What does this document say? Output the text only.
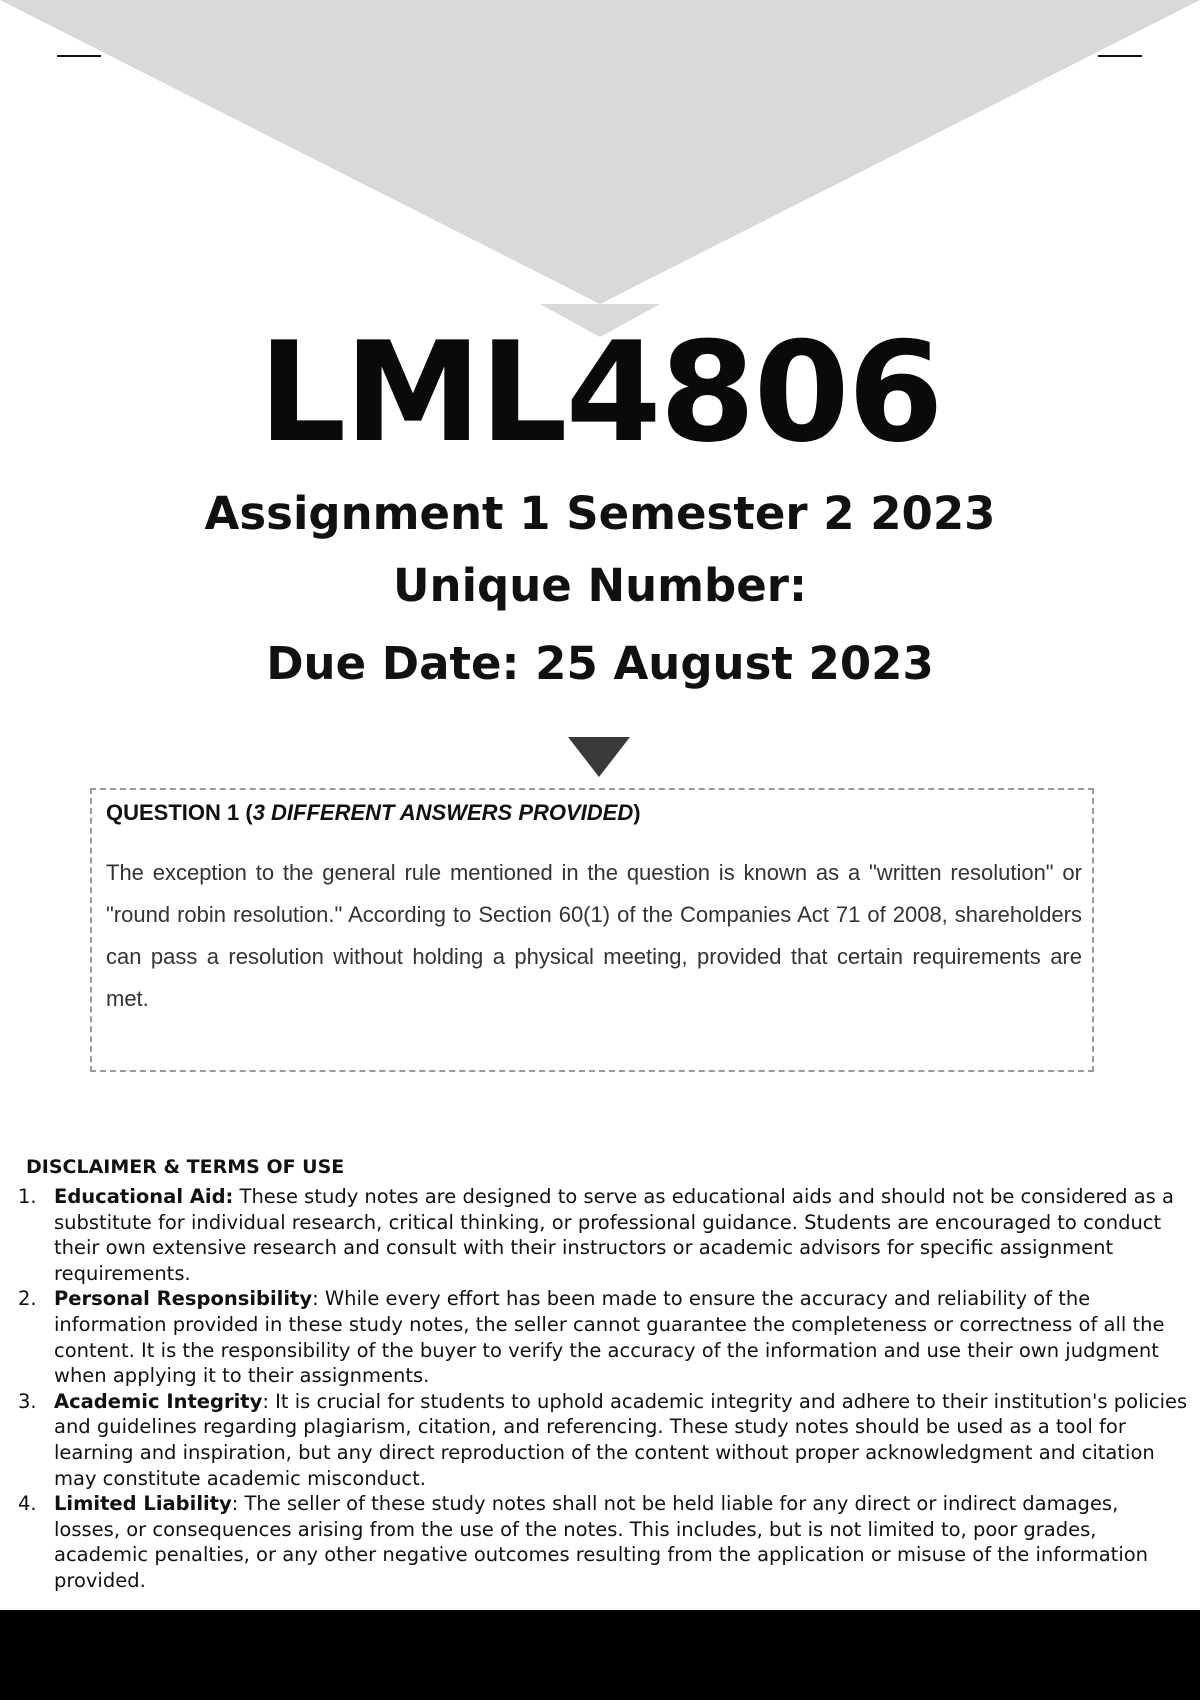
LML4806
Assignment 1 Semester 2 2023
Unique Number:
Due Date: 25 August 2023
QUESTION 1 (3 DIFFERENT ANSWERS PROVIDED)
The exception to the general rule mentioned in the question is known as a "written resolution" or "round robin resolution." According to Section 60(1) of the Companies Act 71 of 2008, shareholders can pass a resolution without holding a physical meeting, provided that certain requirements are met.
DISCLAIMER & TERMS OF USE
1. Educational Aid: These study notes are designed to serve as educational aids and should not be considered as a substitute for individual research, critical thinking, or professional guidance. Students are encouraged to conduct their own extensive research and consult with their instructors or academic advisors for specific assignment requirements.
2. Personal Responsibility: While every effort has been made to ensure the accuracy and reliability of the information provided in these study notes, the seller cannot guarantee the completeness or correctness of all the content. It is the responsibility of the buyer to verify the accuracy of the information and use their own judgment when applying it to their assignments.
3. Academic Integrity: It is crucial for students to uphold academic integrity and adhere to their institution's policies and guidelines regarding plagiarism, citation, and referencing. These study notes should be used as a tool for learning and inspiration, but any direct reproduction of the content without proper acknowledgment and citation may constitute academic misconduct.
4. Limited Liability: The seller of these study notes shall not be held liable for any direct or indirect damages, losses, or consequences arising from the use of the notes. This includes, but is not limited to, poor grades, academic penalties, or any other negative outcomes resulting from the application or misuse of the information provided.
